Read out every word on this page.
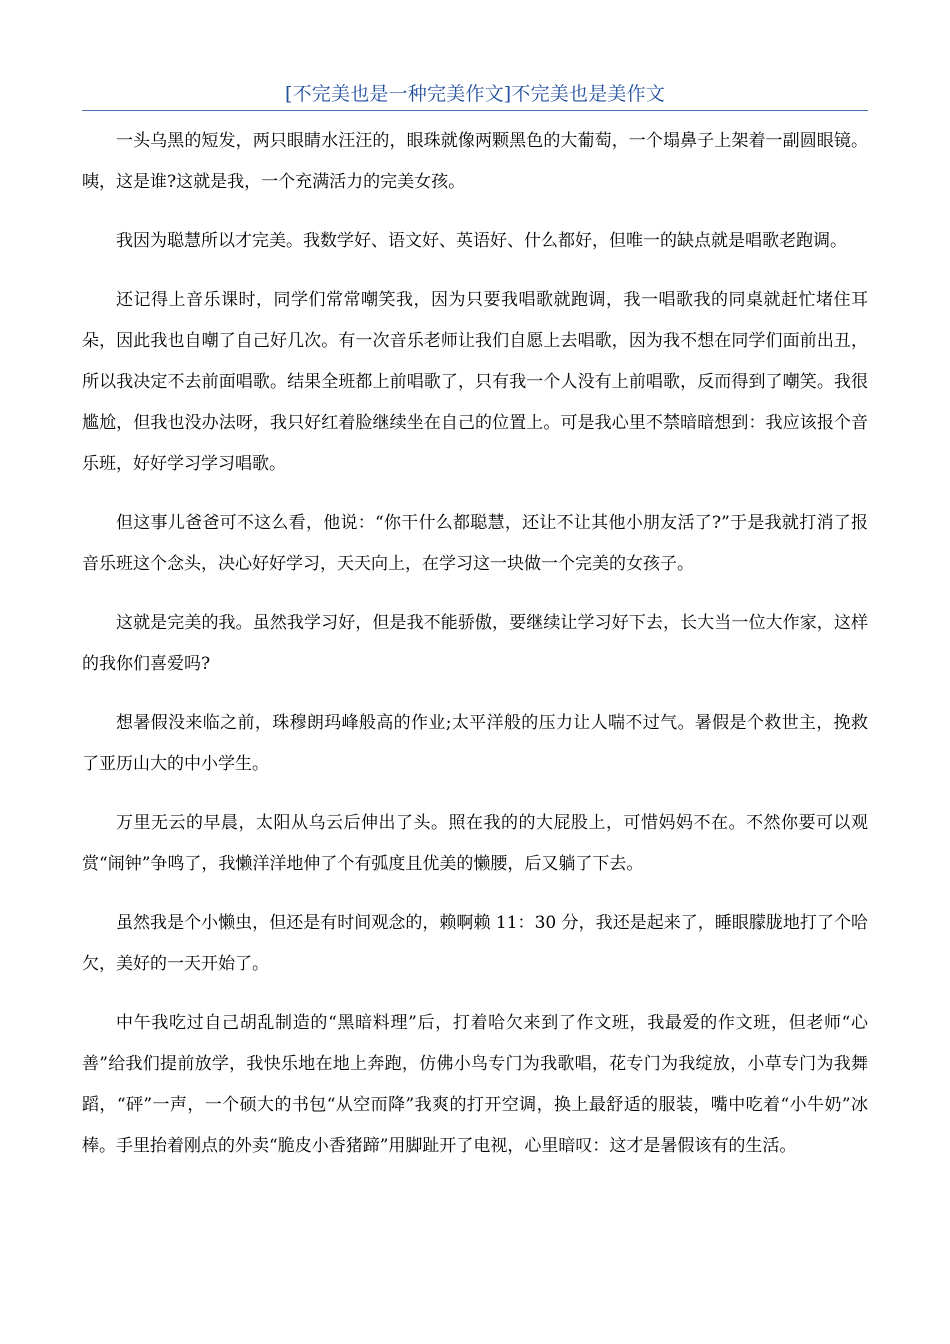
[不完美也是一种完美作文]不完美也是美作文

一头乌黑的短发，两只眼睛水汪汪的，眼珠就像两颗黑色的大葡萄，一个塌鼻子上架着一副圆眼镜。咦，这是谁?这就是我，一个充满活力的完美女孩。

我因为聪慧所以才完美。我数学好、语文好、英语好、什么都好，但唯一的缺点就是唱歌老跑调。

还记得上音乐课时，同学们常常嘲笑我，因为只要我唱歌就跑调，我一唱歌我的同桌就赶忙堵住耳朵，因此我也自嘲了自己好几次。有一次音乐老师让我们自愿上去唱歌，因为我不想在同学们面前出丑，所以我决定不去前面唱歌。结果全班都上前唱歌了，只有我一个人没有上前唱歌，反而得到了嘲笑。我很尴尬，但我也没办法呀，我只好红着脸继续坐在自己的位置上。可是我心里不禁暗暗想到：我应该报个音乐班，好好学习学习唱歌。

但这事儿爸爸可不这么看，他说：“你干什么都聪慧，还让不让其他小朋友活了?”于是我就打消了报音乐班这个念头，决心好好学习，天天向上，在学习这一块做一个完美的女孩子。

这就是完美的我。虽然我学习好，但是我不能骄傲，要继续让学习好下去，长大当一位大作家，这样的我你们喜爱吗?

想暑假没来临之前，珠穆朗玛峰般高的作业;太平洋般的压力让人喘不过气。暑假是个救世主，挽救了亚历山大的中小学生。

万里无云的早晨，太阳从乌云后伸出了头。照在我的的大屁股上，可惜妈妈不在。不然你要可以观赏“闹钟”争鸣了，我懒洋洋地伸了个有弧度且优美的懒腰，后又躺了下去。

虽然我是个小懒虫，但还是有时间观念的，赖啊赖 11：30 分，我还是起来了，睡眼朦胧地打了个哈欠，美好的一天开始了。

中午我吃过自己胡乱制造的“黑暗料理”后，打着哈欠来到了作文班，我最爱的作文班，但老师“心善”给我们提前放学，我快乐地在地上奔跑，仿佛小鸟专门为我歌唱，花专门为我绽放，小草专门为我舞蹈，“砰”一声，一个硕大的书包“从空而降”我爽的打开空调，换上最舒适的服装，嘴中吃着“小牛奶”冰棒。手里抬着刚点的外卖“脆皮小香猪蹄”用脚趾开了电视，心里暗叹：这才是暑假该有的生活。
